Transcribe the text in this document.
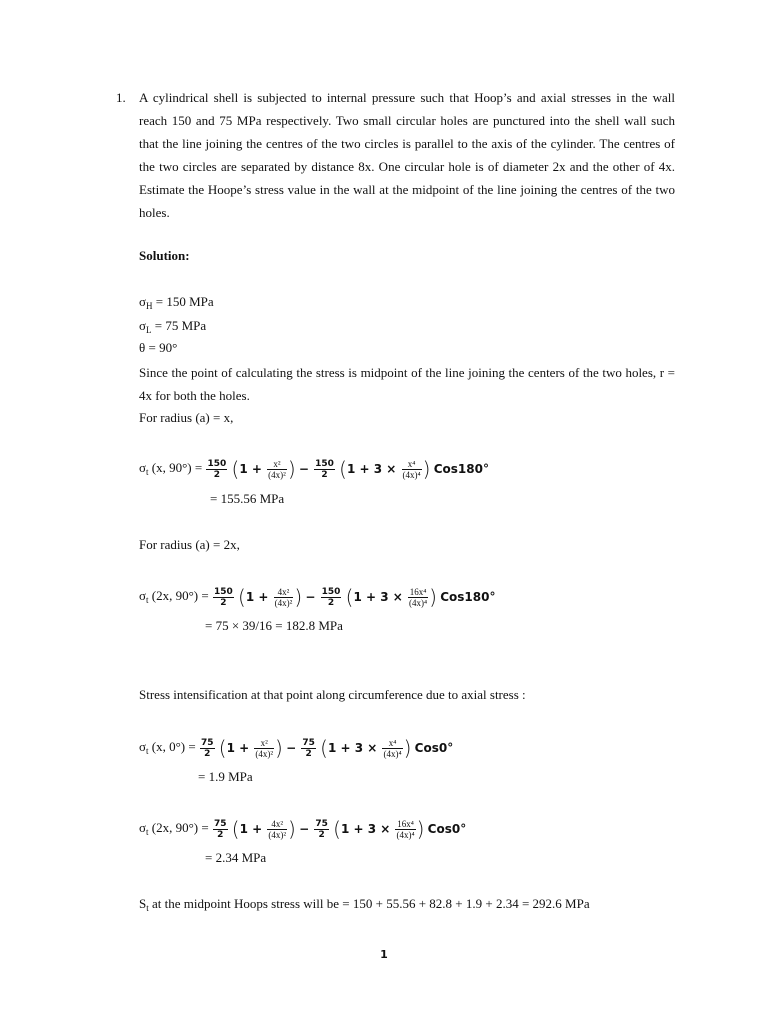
1. A cylindrical shell is subjected to internal pressure such that Hoop’s and axial stresses in the wall reach 150 and 75 MPa respectively. Two small circular holes are punctured into the shell wall such that the line joining the centres of the two circles is parallel to the axis of the cylinder. The centres of the two circles are separated by distance 8x. One circular hole is of diameter 2x and the other of 4x. Estimate the Hoope’s stress value in the wall at the midpoint of the line joining the centres of the two holes.
Solution:
$\sigma_H = 150$ MPa
$\sigma_L = 75$ MPa
θ = 90°
Since the point of calculating the stress is midpoint of the line joining the centers of the two holes, r = 4x for both the holes.
For radius (a) = x,
$\sigma_t$ (x, $90^\circ) = \frac{150}{2} (1 + \frac{\text{x²}}{\text{(4x)²}}$ ) − $\frac{150}{2} (1 + 3 \times \frac{\text{x⁴}}{\text{(4x)⁴}}$ ) Cos180°
= 155.56 MPa
For radius (a) = 2x,
$\sigma_t$ (2x, $90^\circ) = \frac{150}{2} (1 + \frac{\text{4x²}}{\text{(4x)²}}$ ) − $\frac{150}{2} (1 + 3 \times \frac{\text{16x⁴}}{\text{(4x)⁴}}$ ) Cos180°
= 75 × 39/16 = 182.8 MPa
Stress intensification at that point along circumference due to axial stress :
$\sigma_t$ (x, $0^\circ) = \frac{75}{2} (1 + \frac{\text{x²}}{\text{(4x)²}}$ ) − $\frac{75}{2} (1 + 3 \times \frac{\text{x⁴}}{\text{(4x)⁴}}$ ) Cos0°
= 1.9 MPa
$\sigma_t$ (2x, $90^\circ) = \frac{75}{2} (1 + \frac{\text{4x²}}{\text{(4x)²}}$ ) − $\frac{75}{2} (1 + 3 \times \frac{\text{16x⁴}}{\text{(4x)⁴}}$ ) Cos0°
= 2.34 MPa
$S_t$ at the midpoint Hoops stress will be = 150 + 55.56 + 82.8 + 1.9 + 2.34 = 292.6 MPa
1
